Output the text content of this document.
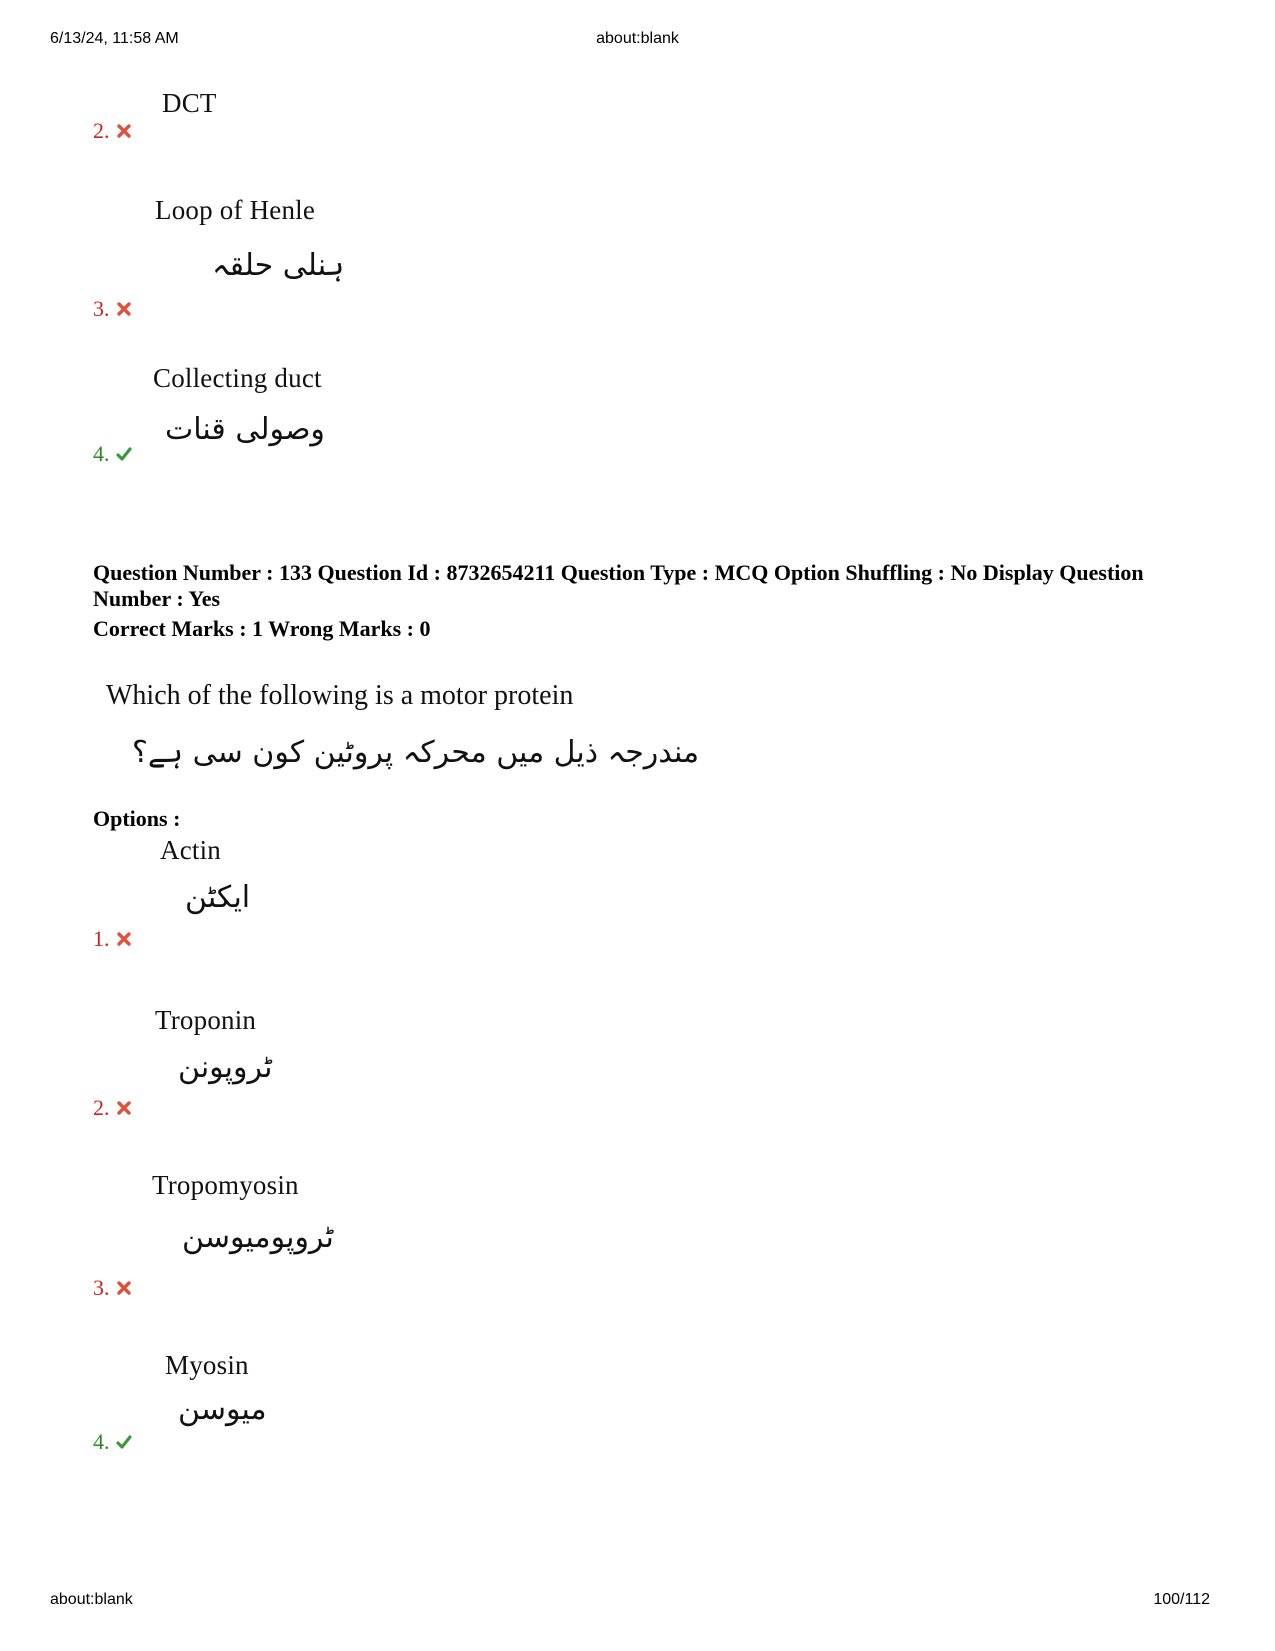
6/13/24, 11:58 AM	about:blank
DCT
2.
Loop of Henle
ہنلی حلقہ
3.
Collecting duct
وصولی قنات
4.
Question Number : 133 Question Id : 8732654211 Question Type : MCQ Option Shuffling : No Display Question Number : Yes
Correct Marks : 1 Wrong Marks : 0
Which of the following is a motor protein
مندرجہ ذیل میں محرکہ پروٹین کون سی ہے؟
Options :
Actin
ایکٹن
1.
Troponin
ٹروپونن
2.
Tropomyosin
ٹروپومیوسن
3.
Myosin
میوسن
4.
about:blank	100/112
